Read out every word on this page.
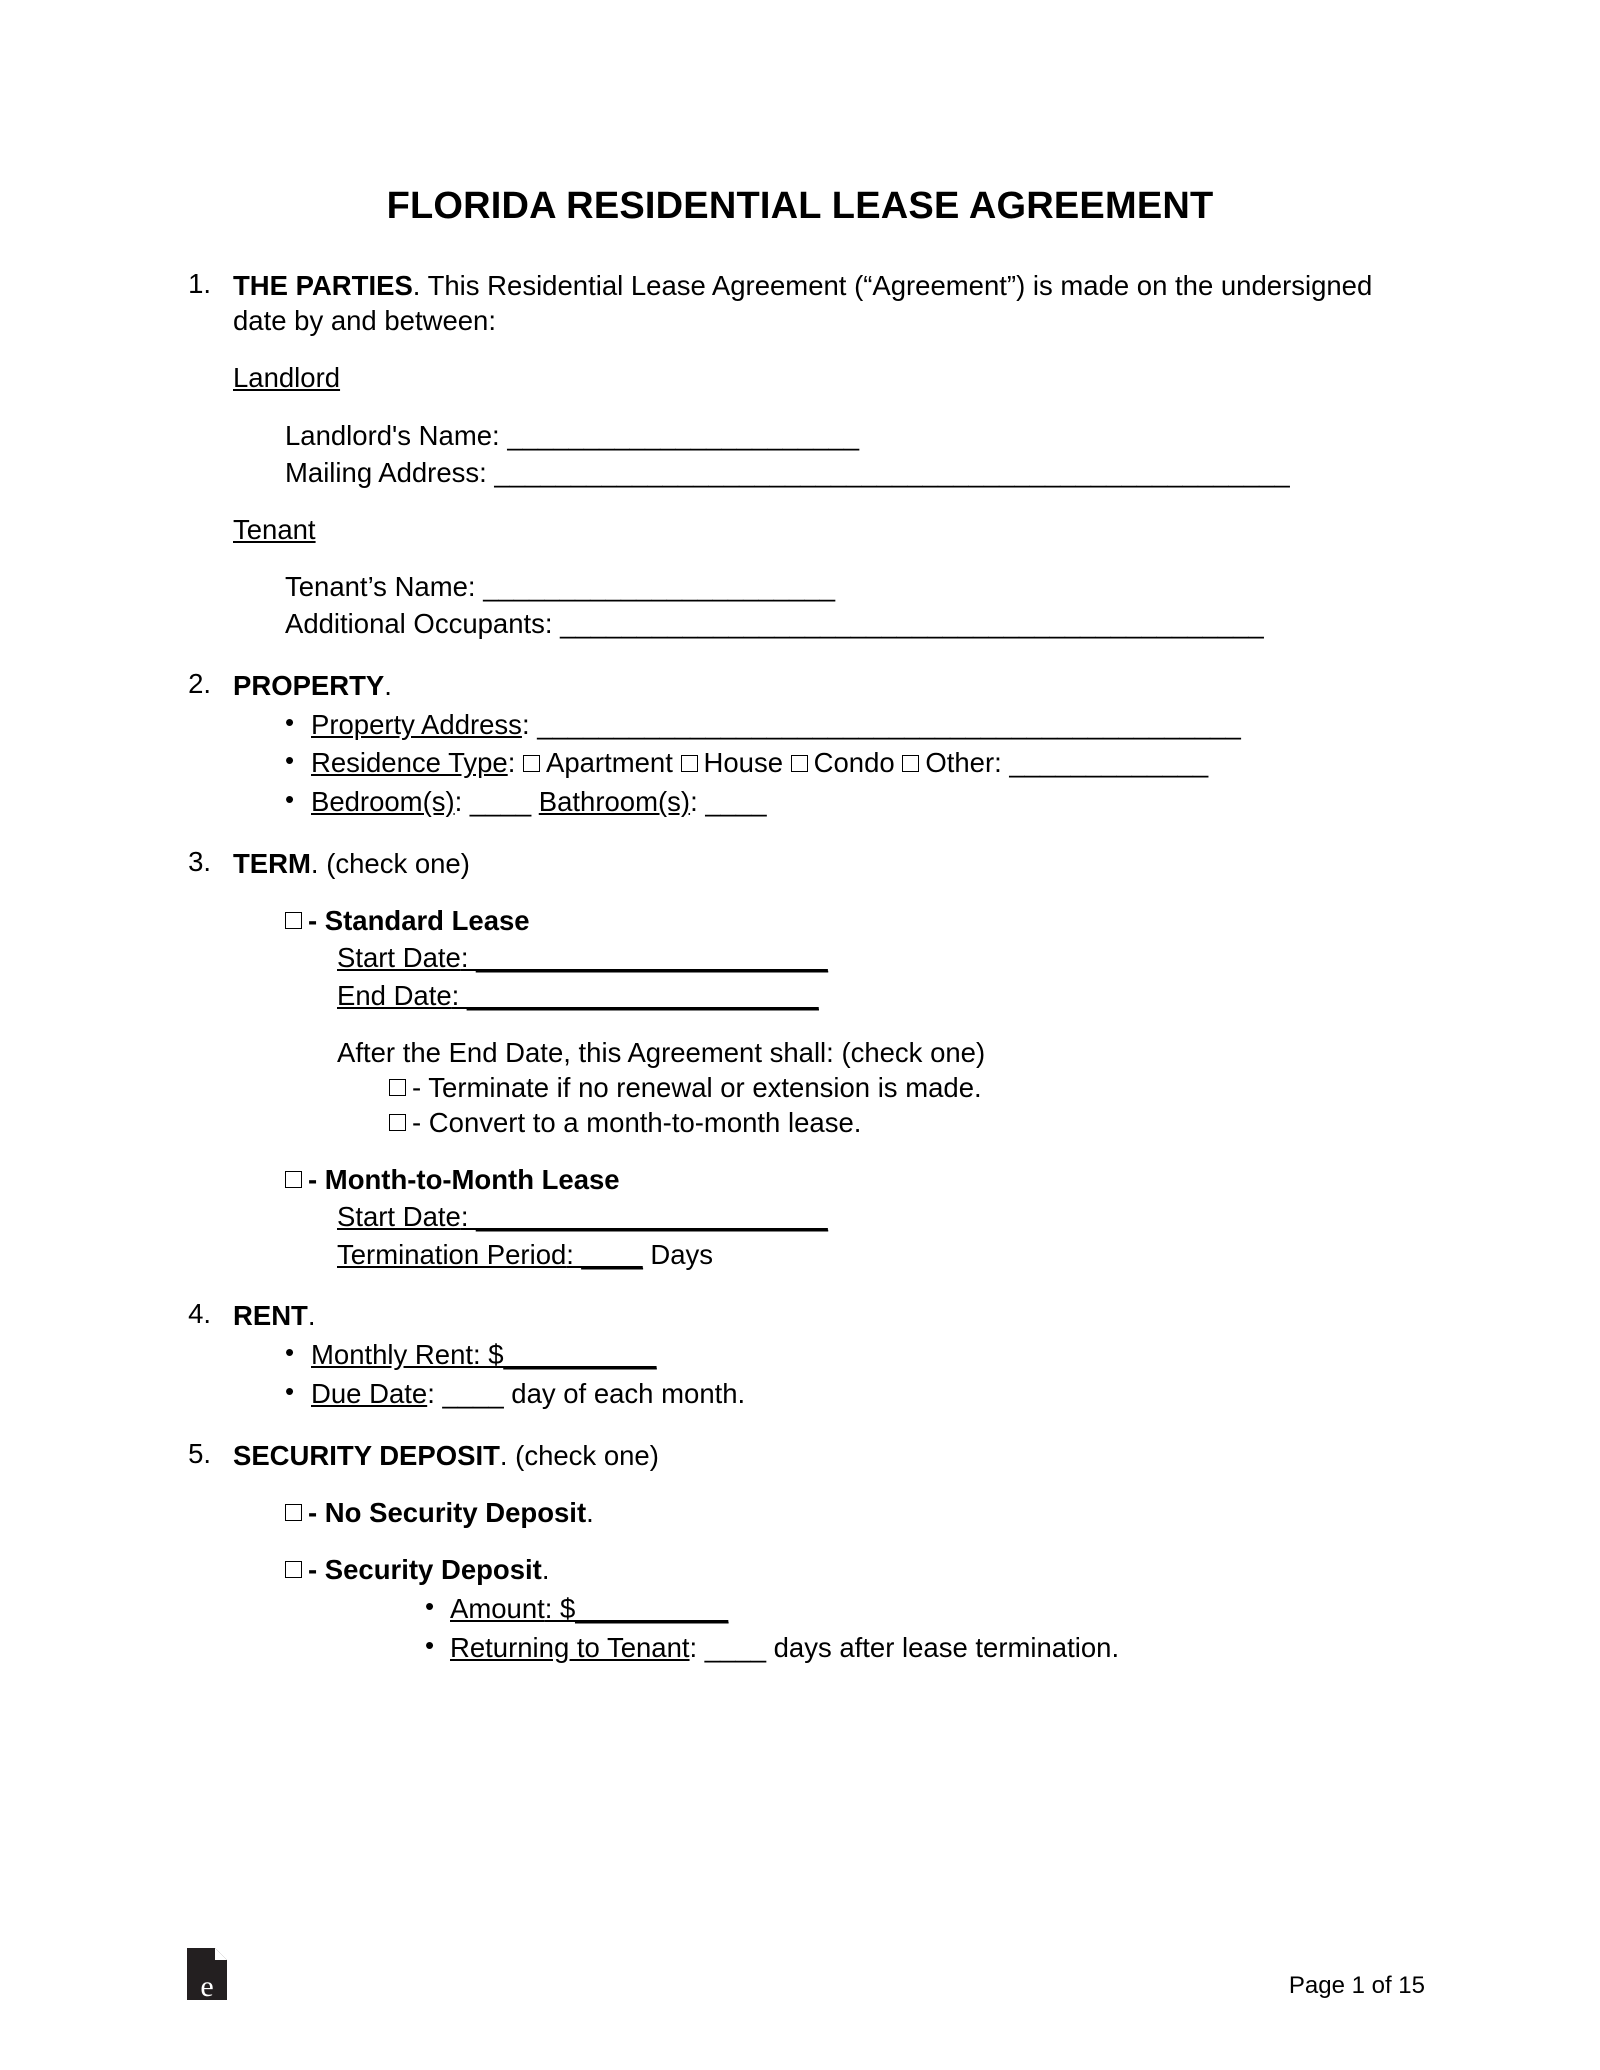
FLORIDA RESIDENTIAL LEASE AGREEMENT
1. THE PARTIES. This Residential Lease Agreement (“Agreement”) is made on the undersigned date by and between:
Landlord
Landlord's Name: _______________________
Mailing Address: ____________________________________________________
Tenant
Tenant’s Name: _______________________
Additional Occupants: ______________________________________________
2. PROPERTY.
• Property Address: ______________________________________________
• Residence Type: Apartment House Condo Other: _____________
• Bedroom(s): ____ Bathroom(s): ____
3. TERM. (check one)
- Standard Lease
Start Date: _______________________
End Date: _______________________
After the End Date, this Agreement shall: (check one)
- Terminate if no renewal or extension is made.
- Convert to a month-to-month lease.
- Month-to-Month Lease
Start Date: _______________________
Termination Period: ____ Days
4. RENT.
• Monthly Rent: $__________
• Due Date: ____ day of each month.
5. SECURITY DEPOSIT. (check one)
- No Security Deposit.
- Security Deposit.
• Amount: $__________
• Returning to Tenant: ____ days after lease termination.
e	Page 1 of 15
